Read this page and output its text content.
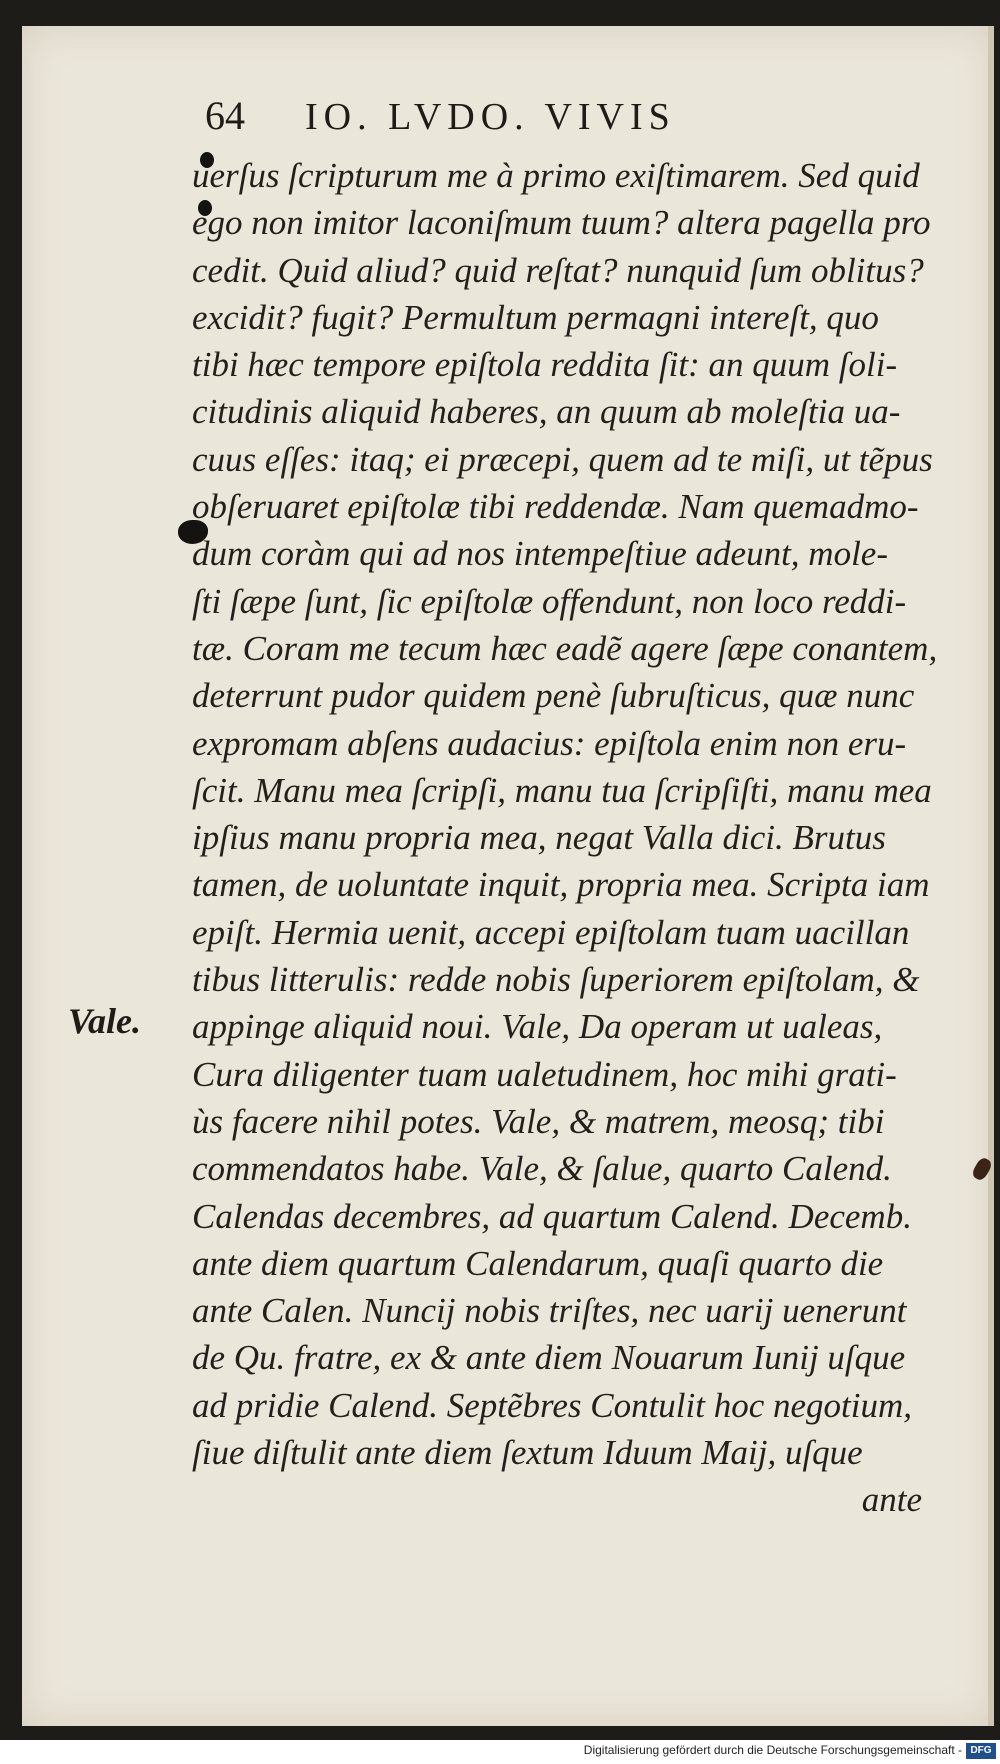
64 IO. LVDO. VIVIS
Vale.
uerſus ſcripturum me à primo exiſtimarem. Sed quid
ego non imitor laconiſmum tuum? altera pagella pro
cedit. Quid aliud? quid reſtat? nunquid ſum oblitus?
excidit? fugit? Permultum permagni intereſt, quo
tibi hæc tempore epiſtola reddita ſit: an quum ſoli-
citudinis aliquid haberes, an quum ab moleſtia ua-
cuus eſſes: itaq; ei præcepi, quem ad te miſi, ut tẽpus
obſeruaret epiſtolæ tibi reddendæ. Nam quemadmo-
dum coràm qui ad nos intempeſtiue adeunt, mole-
ſti ſæpe ſunt, ſic epiſtolæ offendunt, non loco reddi-
tæ. Coram me tecum hæc eadẽ agere ſæpe conantem,
deterrunt pudor quidem penè ſubruſticus, quæ nunc
expromam abſens audacius: epiſtola enim non eru-
ſcit. Manu mea ſcripſi, manu tua ſcripſiſti, manu mea
ipſius manu propria mea, negat Valla dici. Brutus
tamen, de uoluntate inquit, propria mea. Scripta iam
epiſt. Hermia uenit, accepi epiſtolam tuam uacillan
tibus litterulis: redde nobis ſuperiorem epiſtolam, &
appinge aliquid noui. Vale, Da operam ut ualeas,
Cura diligenter tuam ualetudinem, hoc mihi grati-
ùs facere nihil potes. Vale, & matrem, meosq; tibi
commendatos habe. Vale, & ſalue, quarto Calend.
Calendas decembres, ad quartum Calend. Decemb.
ante diem quartum Calendarum, quaſi quarto die
ante Calen. Nuncij nobis triſtes, nec uarij uenerunt
de Qu. fratre, ex & ante diem Nouarum Iunij uſque
ad pridie Calend. Septẽbres Contulit hoc negotium,
ſiue diſtulit ante diem ſextum Iduum Maij, uſque
ante
Digitalisierung gefördert durch die Deutsche Forschungsgemeinschaft - DFG
